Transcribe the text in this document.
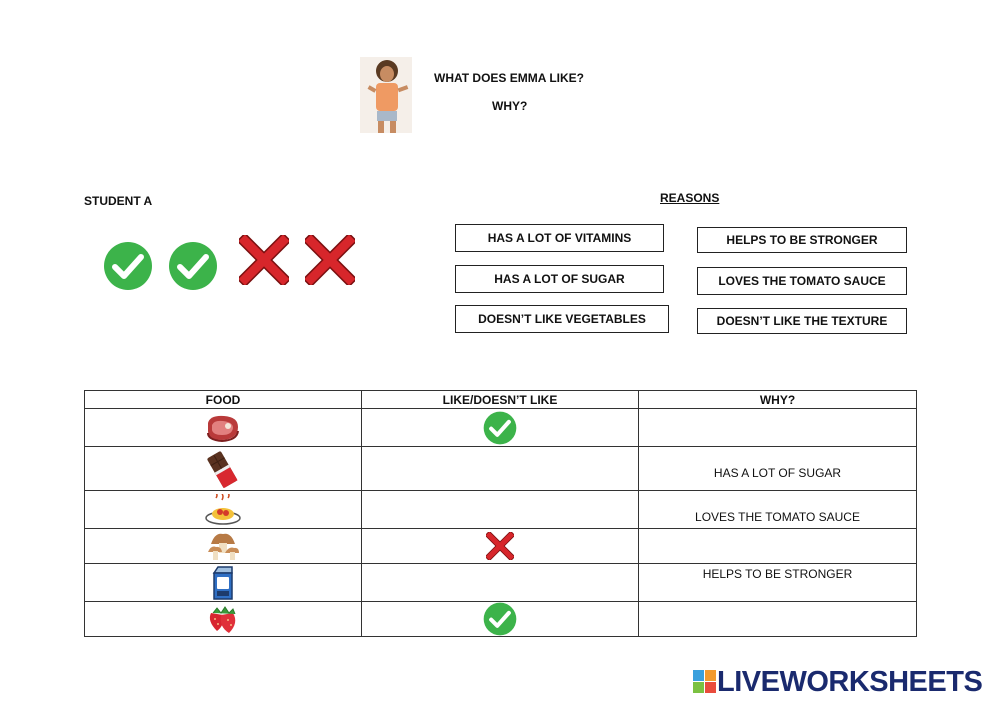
WHAT DOES EMMA LIKE?
WHY?
STUDENT A	REASONS
HAS A LOT OF VITAMINS
HAS A LOT OF SUGAR
DOESN’T LIKE VEGETABLES
HELPS TO BE STRONGER
LOVES THE TOMATO SAUCE
DOESN’T LIKE THE TEXTURE
FOOD	LIKE/DOESN’T LIKE	WHY?

		HAS A LOT OF SUGAR
		LOVES THE TOMATO SAUCE

		HELPS TO BE STRONGER

LIVEWORKSHEETS
